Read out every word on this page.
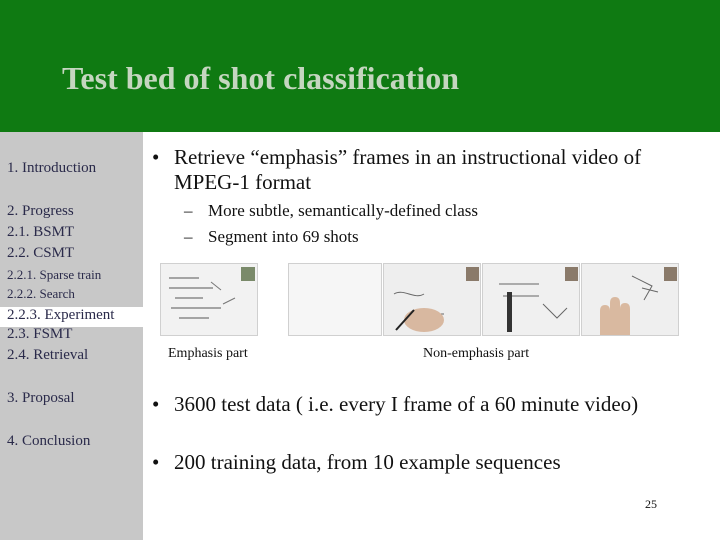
Test bed of shot classification
1. Introduction
2. Progress
2.1. BSMT
2.2. CSMT
2.2.1. Sparse train
2.2.2. Search
2.2.3. Experiment
2.3. FSMT
2.4. Retrieval
3. Proposal
4. Conclusion
• Retrieve “emphasis” frames in an instructional video of MPEG-1 format
– More subtle, semantically-defined class
– Segment into 69 shots
Emphasis part	Non-emphasis part
• 3600 test data ( i.e. every I frame of a 60 minute video)
• 200 training data, from 10 example sequences
25
